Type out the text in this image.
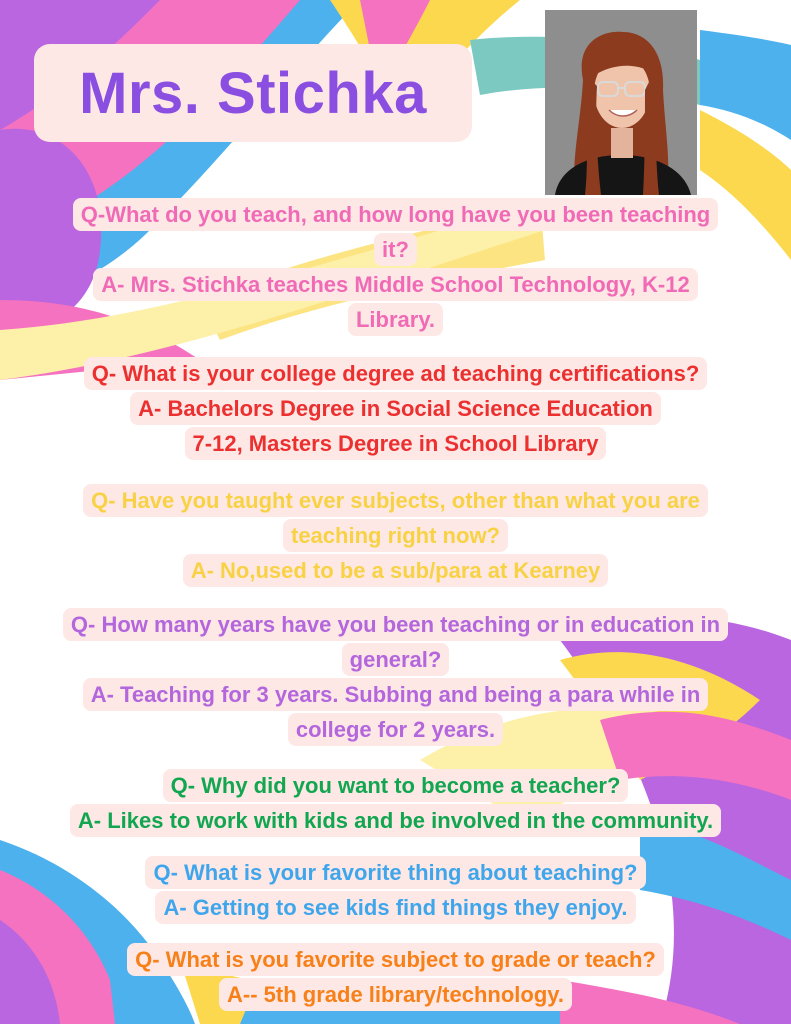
Mrs. Stichka
Q-What do you teach, and how long have you been teaching
it?
A- Mrs. Stichka teaches Middle School Technology, K-12
Library.
Q- What is your college degree ad teaching certifications?
A- Bachelors Degree in Social Science Education
7-12, Masters Degree in School Library
Q- Have you taught ever subjects, other than what you are
teaching right now?
A- No,used to be a sub/para at Kearney
Q- How many years have you been teaching or in education in
general?
A- Teaching for 3 years. Subbing and being a para while in
college for 2 years.
Q- Why did you want to become a teacher?
A- Likes to work with kids and be involved in the community.
Q- What is your favorite thing about teaching?
A- Getting to see kids find things they enjoy.
Q- What is you favorite subject to grade or teach?
A-- 5th grade library/technology.
